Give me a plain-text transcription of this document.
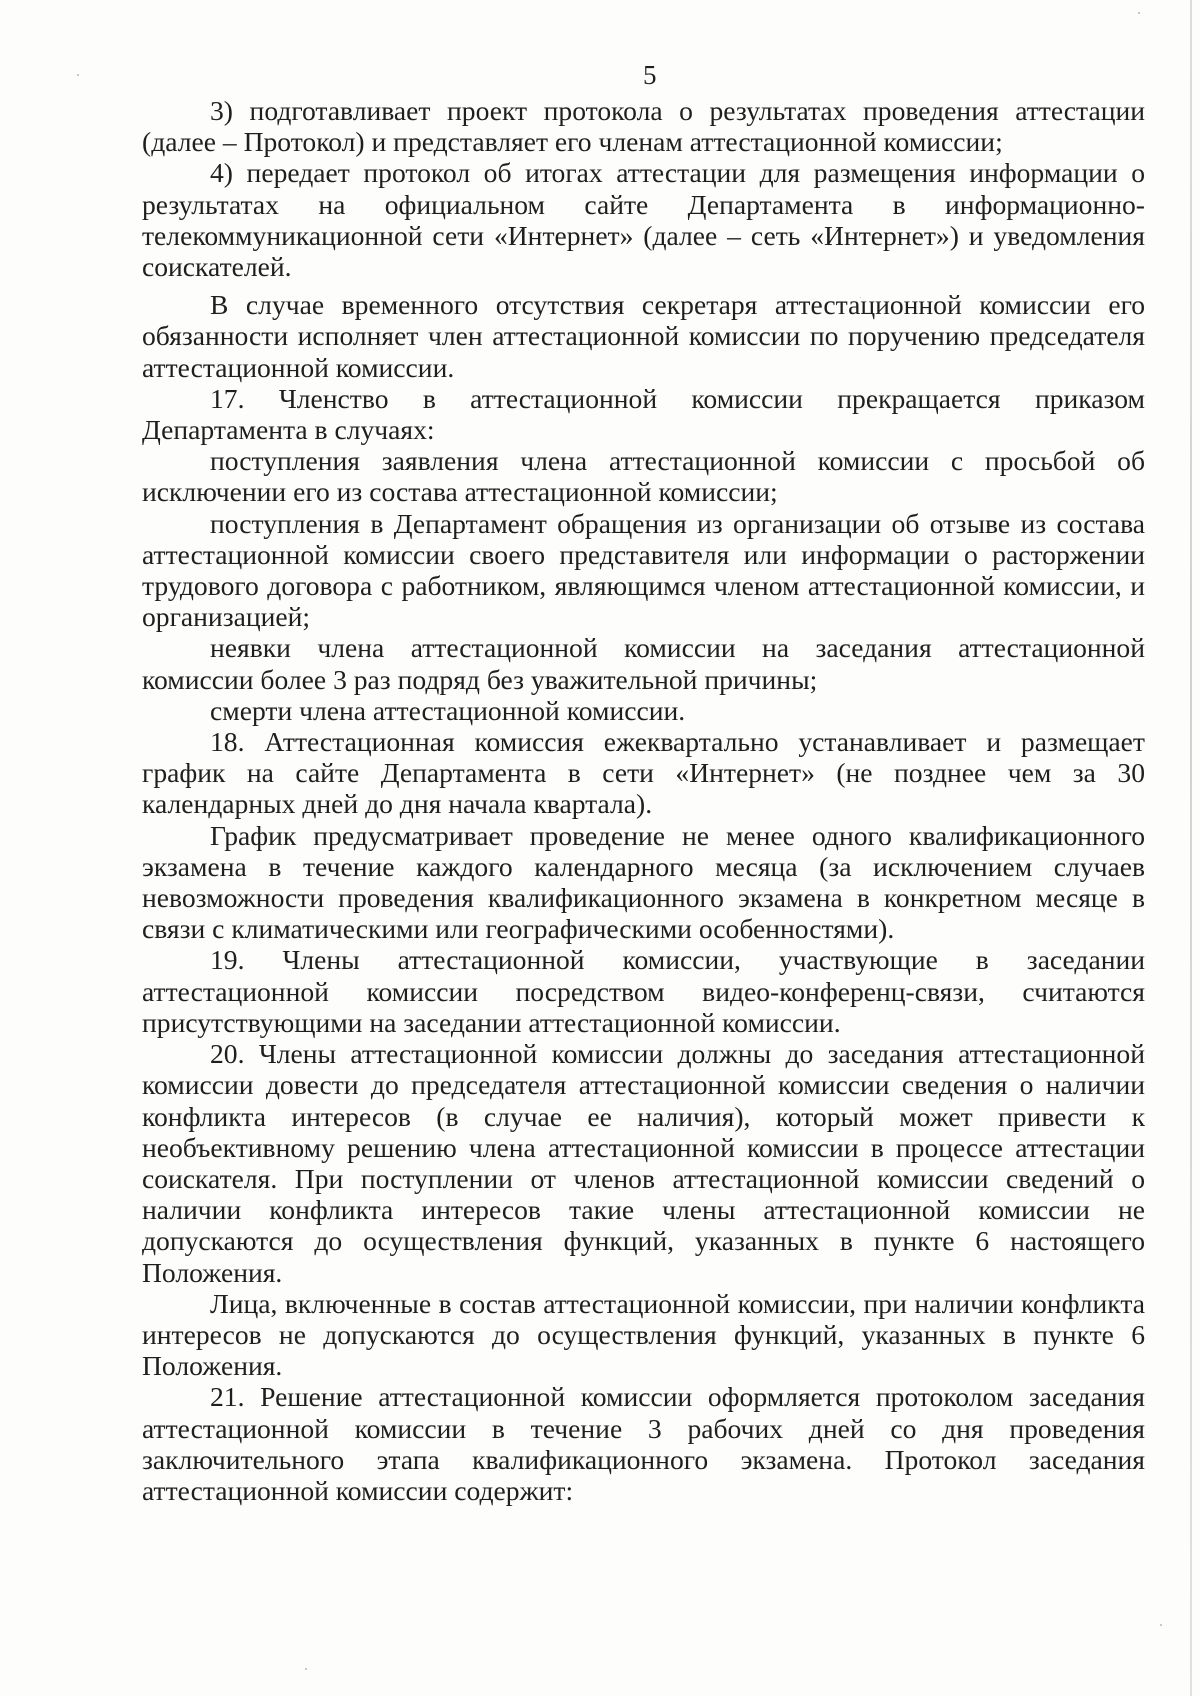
5

3) подготавливает проект протокола о результатах проведения аттестации (далее – Протокол) и представляет его членам аттестационной комиссии;

4) передает протокол об итогах аттестации для размещения информации о результатах на официальном сайте Департамента в информационно-телекоммуникационной сети «Интернет» (далее – сеть «Интернет») и уведомления соискателей.

В случае временного отсутствия секретаря аттестационной комиссии его обязанности исполняет член аттестационной комиссии по поручению председателя аттестационной комиссии.

17. Членство в аттестационной комиссии прекращается приказом Департамента в случаях:

поступления заявления члена аттестационной комиссии с просьбой об исключении его из состава аттестационной комиссии;

поступления в Департамент обращения из организации об отзыве из состава аттестационной комиссии своего представителя или информации о расторжении трудового договора с работником, являющимся членом аттестационной комиссии, и организацией;

неявки члена аттестационной комиссии на заседания аттестационной комиссии более 3 раз подряд без уважительной причины;

смерти члена аттестационной комиссии.

18. Аттестационная комиссия ежеквартально устанавливает и размещает график на сайте Департамента в сети «Интернет» (не позднее чем за 30 календарных дней до дня начала квартала).

График предусматривает проведение не менее одного квалификационного экзамена в течение каждого календарного месяца (за исключением случаев невозможности проведения квалификационного экзамена в конкретном месяце в связи с климатическими или географическими особенностями).

19. Члены аттестационной комиссии, участвующие в заседании аттестационной комиссии посредством видео-конференц-связи, считаются присутствующими на заседании аттестационной комиссии.

20. Члены аттестационной комиссии должны до заседания аттестационной комиссии довести до председателя аттестационной комиссии сведения о наличии конфликта интересов (в случае ее наличия), который может привести к необъективному решению члена аттестационной комиссии в процессе аттестации соискателя. При поступлении от членов аттестационной комиссии сведений о наличии конфликта интересов такие члены аттестационной комиссии не допускаются до осуществления функций, указанных в пункте 6 настоящего Положения.

Лица, включенные в состав аттестационной комиссии, при наличии конфликта интересов не допускаются до осуществления функций, указанных в пункте 6 Положения.

21. Решение аттестационной комиссии оформляется протоколом заседания аттестационной комиссии в течение 3 рабочих дней со дня проведения заключительного этапа квалификационного экзамена. Протокол заседания аттестационной комиссии содержит:
